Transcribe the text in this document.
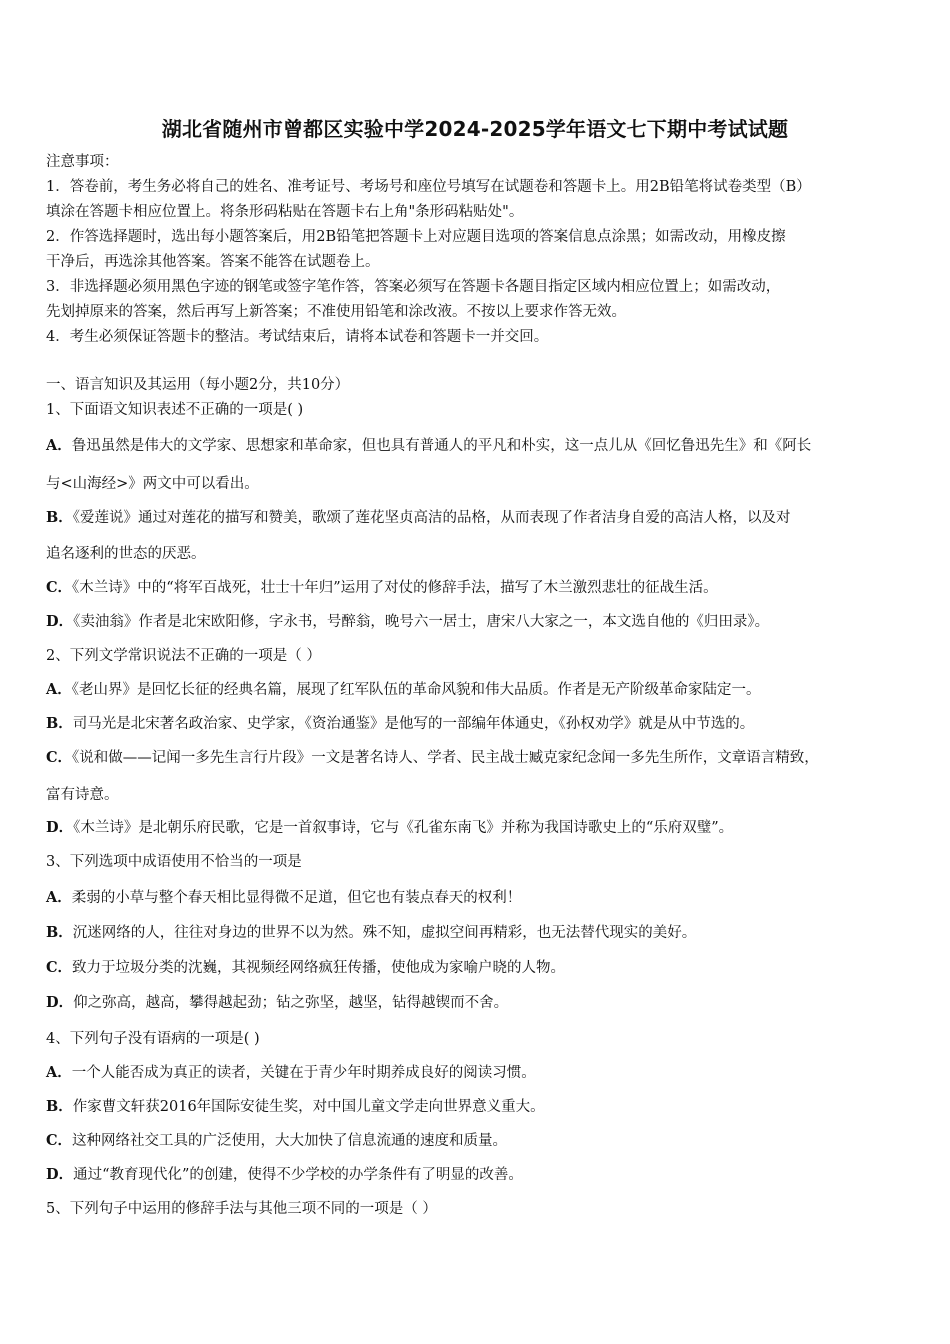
湖北省随州市曾都区实验中学2024-2025学年语文七下期中考试试题
注意事项：
1．答卷前，考生务必将自己的姓名、准考证号、考场号和座位号填写在试题卷和答题卡上。用2B铅笔将试卷类型（B）
填涂在答题卡相应位置上。将条形码粘贴在答题卡右上角"条形码粘贴处"。
2．作答选择题时，选出每小题答案后，用2B铅笔把答题卡上对应题目选项的答案信息点涂黑；如需改动，用橡皮擦
干净后，再选涂其他答案。答案不能答在试题卷上。
3．非选择题必须用黑色字迹的钢笔或签字笔作答，答案必须写在答题卡各题目指定区域内相应位置上；如需改动，
先划掉原来的答案，然后再写上新答案；不准使用铅笔和涂改液。不按以上要求作答无效。
4．考生必须保证答题卡的整洁。考试结束后，请将本试卷和答题卡一并交回。
一、语言知识及其运用（每小题2分，共10分）
1、下面语文知识表述不正确的一项是( )
A．鲁迅虽然是伟大的文学家、思想家和革命家，但也具有普通人的平凡和朴实，这一点儿从《回忆鲁迅先生》和《阿长
与<山海经>》两文中可以看出。
B．《爱莲说》通过对莲花的描写和赞美，歌颂了莲花坚贞高洁的品格，从而表现了作者洁身自爱的高洁人格，以及对
追名逐利的世态的厌恶。
C．《木兰诗》中的“将军百战死，壮士十年归”运用了对仗的修辞手法，描写了木兰激烈悲壮的征战生活。
D．《卖油翁》作者是北宋欧阳修，字永书，号醉翁，晚号六一居士，唐宋八大家之一，本文选自他的《归田录》。
2、下列文学常识说法不正确的一项是（ ）
A．《老山界》是回忆长征的经典名篇，展现了红军队伍的革命风貌和伟大品质。作者是无产阶级革命家陆定一。
B．司马光是北宋著名政治家、史学家，《资治通鉴》是他写的一部编年体通史，《孙权劝学》就是从中节选的。
C．《说和做——记闻一多先生言行片段》一文是著名诗人、学者、民主战士臧克家纪念闻一多先生所作，文章语言精致，
富有诗意。
D．《木兰诗》是北朝乐府民歌，它是一首叙事诗，它与《孔雀东南飞》并称为我国诗歌史上的“乐府双璧”。
3、下列选项中成语使用不恰当的一项是
A．柔弱的小草与整个春天相比显得微不足道，但它也有装点春天的权利！
B．沉迷网络的人，往往对身边的世界不以为然。殊不知，虚拟空间再精彩，也无法替代现实的美好。
C．致力于垃圾分类的沈巍，其视频经网络疯狂传播，使他成为家喻户晓的人物。
D．仰之弥高，越高，攀得越起劲；钻之弥坚，越坚，钻得越锲而不舍。
4、下列句子没有语病的一项是( )
A．一个人能否成为真正的读者，关键在于青少年时期养成良好的阅读习惯。
B．作家曹文轩获2016年国际安徒生奖，对中国儿童文学走向世界意义重大。
C．这种网络社交工具的广泛使用，大大加快了信息流通的速度和质量。
D．通过“教育现代化”的创建，使得不少学校的办学条件有了明显的改善。
5、下列句子中运用的修辞手法与其他三项不同的一项是（ ）
